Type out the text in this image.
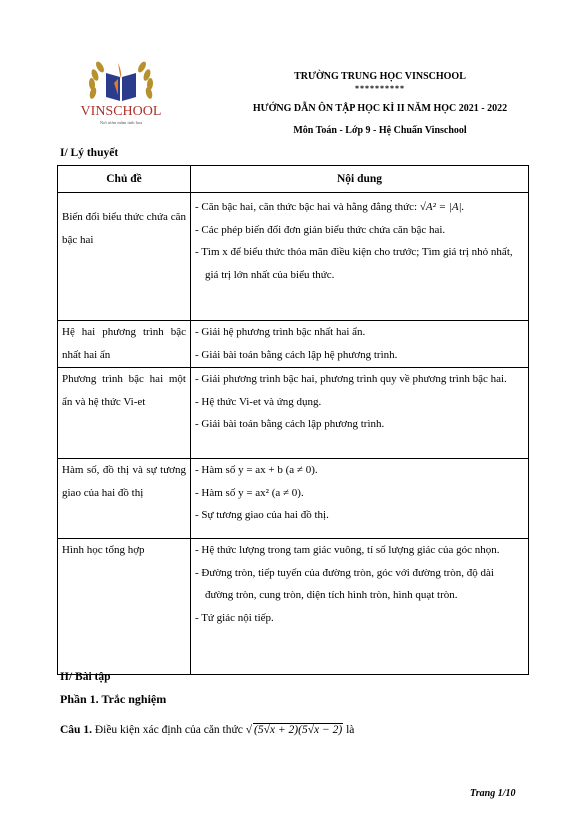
VINSCHOOL
Nơi ươm mầm tinh hoa
TRƯỜNG TRUNG HỌC VINSCHOOL
**********
HƯỚNG DẪN ÔN TẬP HỌC KÌ II NĂM HỌC 2021 - 2022
Môn Toán - Lớp 9 - Hệ Chuẩn Vinschool
I/ Lý thuyết
Chủ đề	Nội dung
Biến đổi biểu thức chứa căn bậc hai	- Căn bậc hai, căn thức bậc hai và hằng đẳng thức: √A² = |A|.
- Các phép biến đổi đơn giản biểu thức chứa căn bậc hai.
- Tìm x để biểu thức thỏa mãn điều kiện cho trước; Tìm giá trị nhỏ nhất, giá trị lớn nhất của biểu thức.

Hệ hai phương trình bậc nhất hai ẩn	- Giải hệ phương trình bậc nhất hai ẩn.
- Giải bài toán bằng cách lập hệ phương trình.

Phương trình bậc hai một ẩn và hệ thức Vi-et	- Giải phương trình bậc hai, phương trình quy về phương trình bậc hai.
- Hệ thức Vi-et và ứng dụng.
- Giải bài toán bằng cách lập phương trình.

Hàm số, đồ thị và sự tương giao của hai đồ thị	- Hàm số y = ax + b (a ≠ 0).
- Hàm số y = ax² (a ≠ 0).
- Sự tương giao của hai đồ thị.

Hình học tổng hợp	- Hệ thức lượng trong tam giác vuông, tỉ số lượng giác của góc nhọn.
- Đường tròn, tiếp tuyến của đường tròn, góc với đường tròn, độ dài đường tròn, cung tròn, diện tích hình tròn, hình quạt tròn.
- Tứ giác nội tiếp.
II/ Bài tập
Phần 1. Trắc nghiệm
Câu 1. Điều kiện xác định của căn thức √ (5√x + 2)(5√x − 2) là
Trang 1/10
